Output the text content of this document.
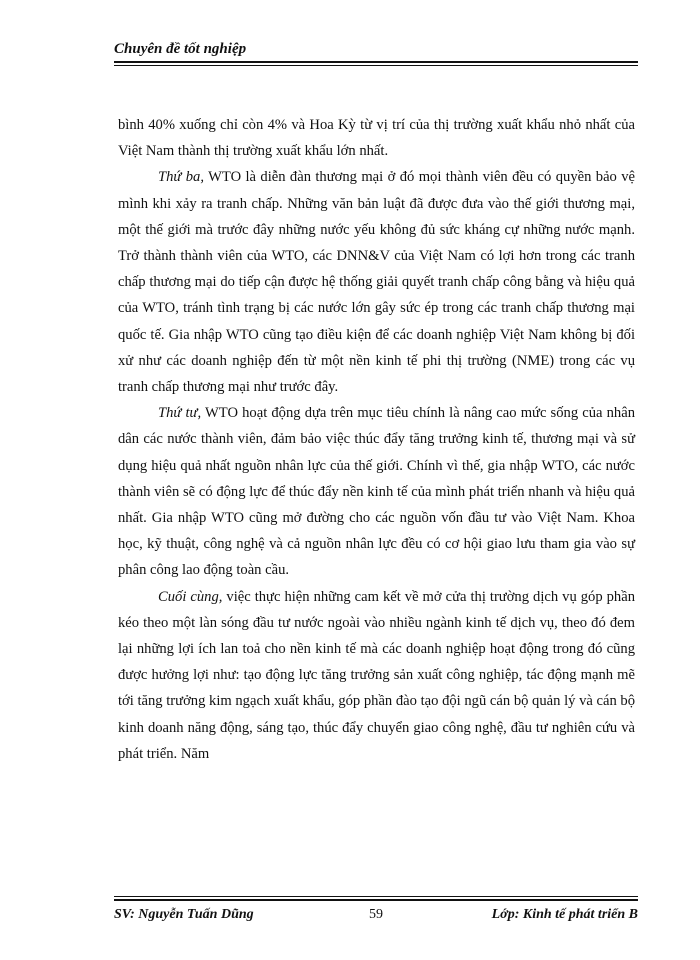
Chuyên đề tốt nghiệp

bình 40% xuống chỉ còn 4% và Hoa Kỳ từ vị trí của thị trường xuất khẩu nhỏ nhất của Việt Nam thành thị trường xuất khẩu lớn nhất.

Thứ ba, WTO là diễn đàn thương mại ở đó mọi thành viên đều có quyền bảo vệ mình khi xảy ra tranh chấp. Những văn bản luật đã được đưa vào thế giới thương mại, một thế giới mà trước đây những nước yếu không đủ sức kháng cự những nước mạnh. Trở thành thành viên của WTO, các DNN&V của Việt Nam có lợi hơn trong các tranh chấp thương mại do tiếp cận được hệ thống giải quyết tranh chấp công bằng và hiệu quả của WTO, tránh tình trạng bị các nước lớn gây sức ép trong các tranh chấp thương mại quốc tế. Gia nhập WTO cũng tạo điều kiện để các doanh nghiệp Việt Nam không bị đối xử như các doanh nghiệp đến từ một nền kinh tế phi thị trường (NME) trong các vụ tranh chấp thương mại như trước đây.

Thứ tư, WTO hoạt động dựa trên mục tiêu chính là nâng cao mức sống của nhân dân các nước thành viên, đảm bảo việc thúc đẩy tăng trưởng kinh tế, thương mại và sử dụng hiệu quả nhất nguồn nhân lực của thế giới. Chính vì thế, gia nhập WTO, các nước thành viên sẽ có động lực để thúc đẩy nền kinh tế của mình phát triển nhanh và hiệu quả nhất. Gia nhập WTO cũng mở đường cho các nguồn vốn đầu tư vào Việt Nam. Khoa học, kỹ thuật, công nghệ và cả nguồn nhân lực đều có cơ hội giao lưu tham gia vào sự phân công lao động toàn cầu.

Cuối cùng, việc thực hiện những cam kết về mở cửa thị trường dịch vụ góp phần kéo theo một làn sóng đầu tư nước ngoài vào nhiều ngành kinh tế dịch vụ, theo đó đem lại những lợi ích lan toả cho nền kinh tế mà các doanh nghiệp hoạt động trong đó cũng được hưởng lợi như: tạo động lực tăng trưởng sản xuất công nghiệp, tác động mạnh mẽ tới tăng trưởng kim ngạch xuất khẩu, góp phần đào tạo đội ngũ cán bộ quản lý và cán bộ kinh doanh năng động, sáng tạo, thúc đẩy chuyển giao công nghệ, đầu tư nghiên cứu và phát triển. Năm

SV: Nguyễn Tuấn Dũng	59	Lớp: Kinh tế phát triển B
